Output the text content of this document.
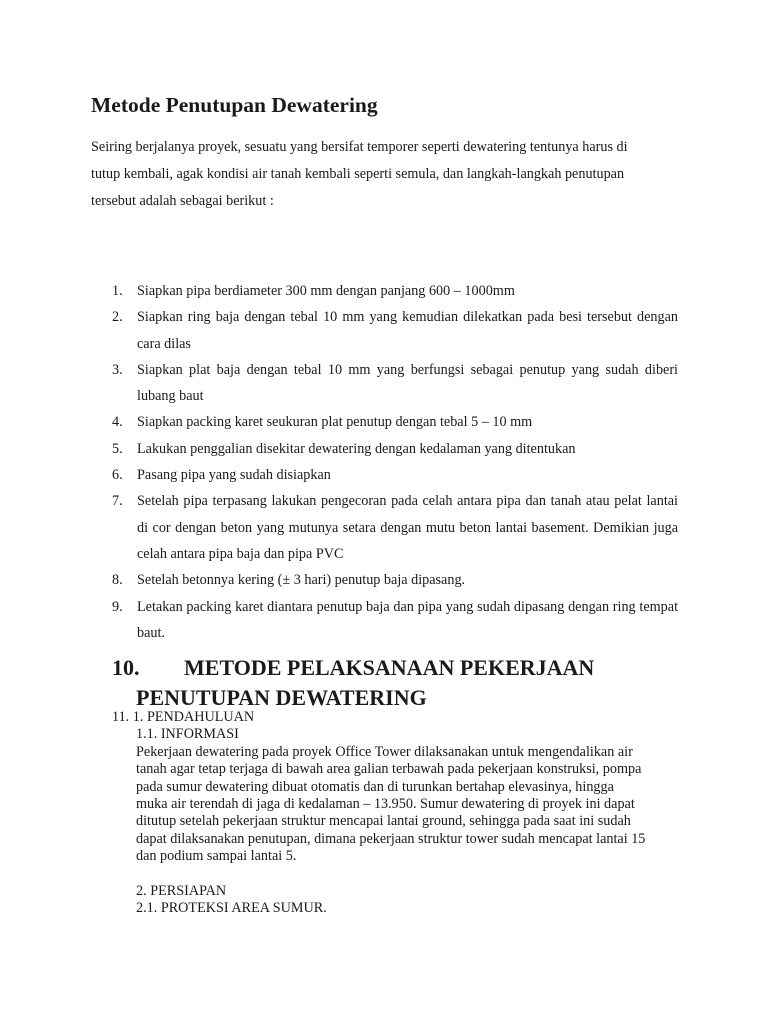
Metode Penutupan Dewatering

Seiring berjalanya proyek, sesuatu yang bersifat temporer seperti dewatering tentunya harus di
tutup kembali, agak kondisi air tanah kembali seperti semula, dan langkah-langkah penutupan
tersebut adalah sebagai berikut :

1.	Siapkan pipa berdiameter 300 mm dengan panjang 600 – 1000mm
2.	Siapkan ring baja dengan tebal 10 mm yang kemudian dilekatkan pada besi tersebut dengan cara dilas
3.	Siapkan plat baja dengan tebal 10 mm yang berfungsi sebagai penutup yang sudah diberi lubang baut
4.	Siapkan packing karet seukuran plat penutup dengan tebal 5 – 10 mm
5.	Lakukan penggalian disekitar dewatering dengan kedalaman yang ditentukan
6.	Pasang pipa yang sudah disiapkan
7.	Setelah pipa terpasang lakukan pengecoran pada celah antara pipa dan tanah atau pelat lantai di cor dengan beton yang mutunya setara dengan mutu beton lantai basement. Demikian juga celah antara pipa baja dan pipa PVC
8.	Setelah betonnya kering (± 3 hari) penutup baja dipasang.
9.	Letakan packing karet diantara penutup baja dan pipa yang sudah dipasang dengan ring tempat baut.
10.	METODE PELAKSANAAN PEKERJAAN
PENUTUPAN DEWATERING
11. 1. PENDAHULUAN
1.1. INFORMASI
Pekerjaan dewatering pada proyek Office Tower dilaksanakan untuk mengendalikan air
tanah agar tetap terjaga di bawah area galian terbawah pada pekerjaan konstruksi, pompa
pada sumur dewatering dibuat otomatis dan di turunkan bertahap elevasinya, hingga
muka air terendah di jaga di kedalaman – 13.950. Sumur dewatering di proyek ini dapat
ditutup setelah pekerjaan struktur mencapai lantai ground, sehingga pada saat ini sudah
dapat dilaksanakan penutupan, dimana pekerjaan struktur tower sudah mencapat lantai 15
dan podium sampai lantai 5.
2. PERSIAPAN
2.1. PROTEKSI AREA SUMUR.
